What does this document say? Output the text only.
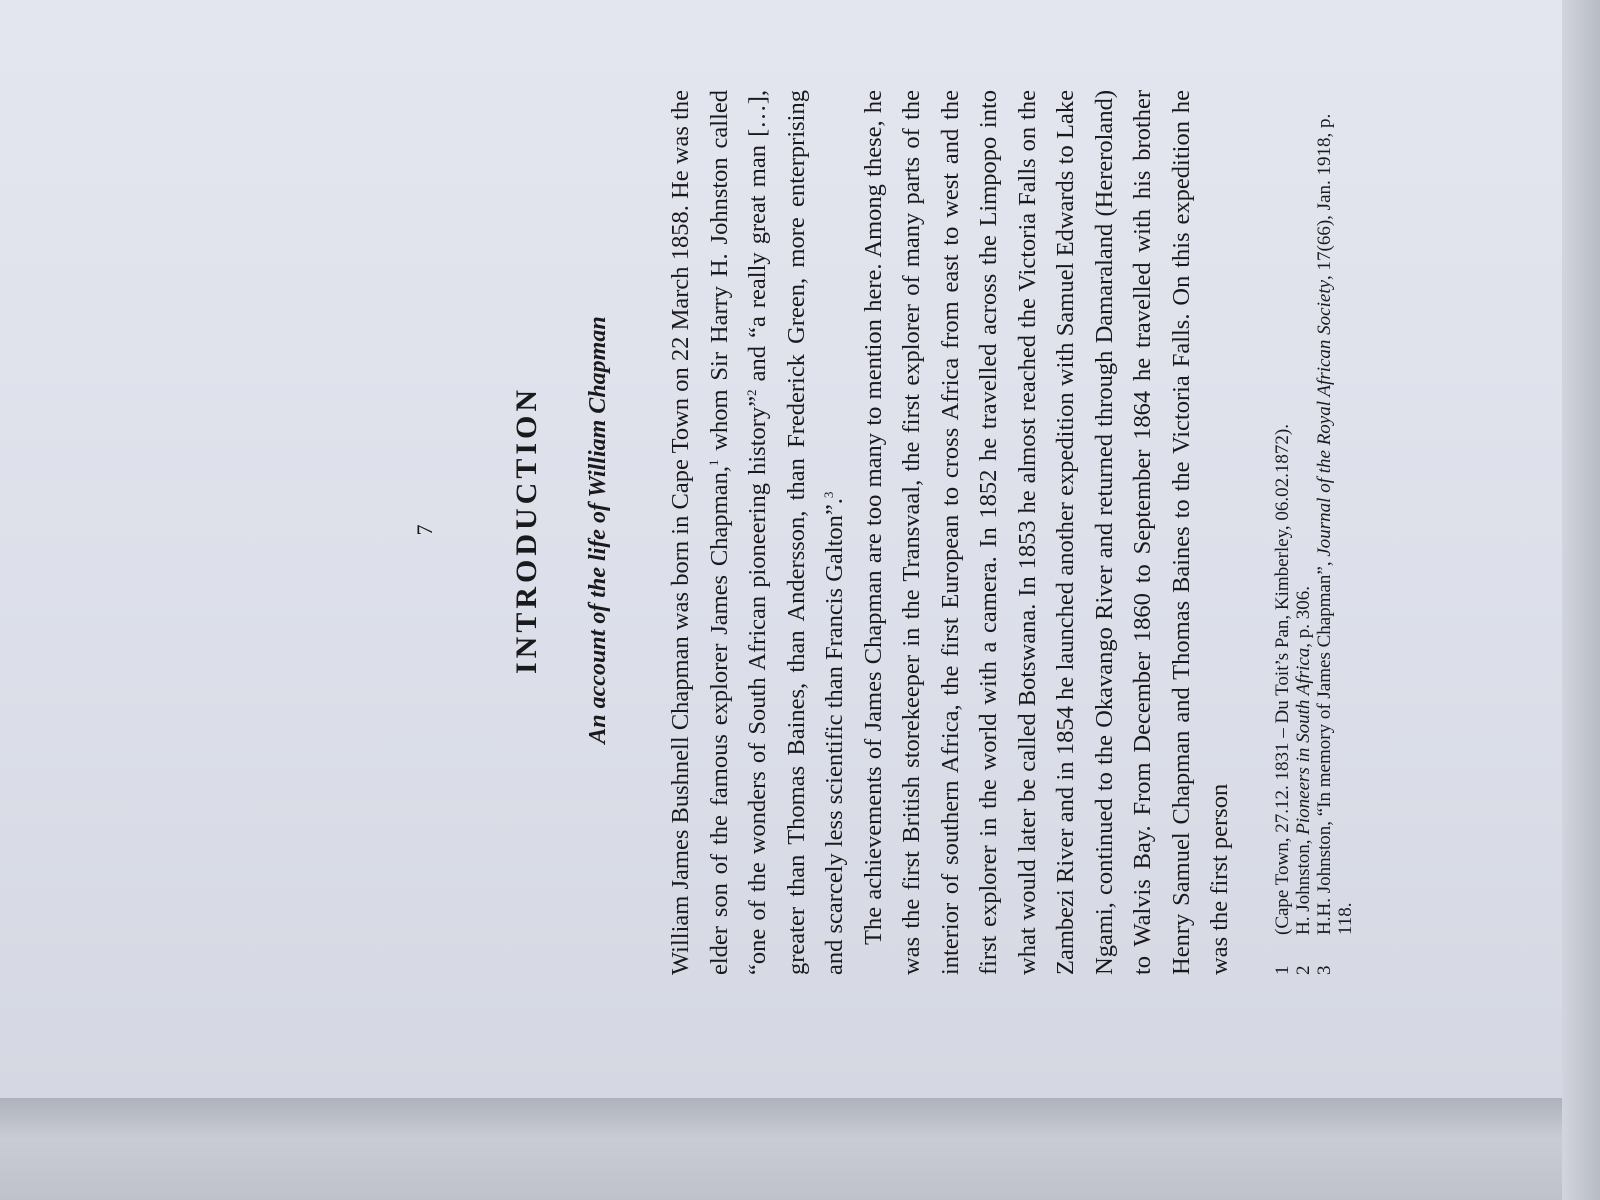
7 INTRODUCTION An account of the life of William Chapman William James Bushnell Chapman was born in Cape Town on 22 March 1858. He was the elder son of the famous explorer James Chapman,$^1$ whom Sir Harry H. Johnston called “one of the wonders of South African pioneering history”$^2$ and “a really great man […], greater than Thomas Baines, than Andersson, than Frederick Green, more enterprising and scarcely less scientific than Francis Galton”.$^3$ The achievements of James Chapman are too many to mention here. Among these, he was the first British storekeeper in the Transvaal, the first explorer of many parts of the interior of southern Africa, the first European to cross Africa from east to west and the first explorer in the world with a camera. In 1852 he travelled across the Limpopo into what would later be called Botswana. In 1853 he almost reached the Victoria Falls on the Zambezi River and in 1854 he launched another expedition with Samuel Edwards to Lake Ngami, continued to the Okavango River and returned through Damaraland (Hereroland) to Walvis Bay. From December 1860 to September 1864 he travelled with his brother Henry Samuel Chapman and Thomas Baines to the Victoria Falls. On this expedition he was the first person	1
(Cape Town, 27.12. 1831 – Du Toit’s Pan, Kimberley, 06.02.1872).
2
H. Johnston, Pioneers in South Africa, p. 306.
3
H.H. Johnston, “In memory of James Chapman”, Journal of the Royal African Society, 17(66), Jan. 1918, p. 118.
